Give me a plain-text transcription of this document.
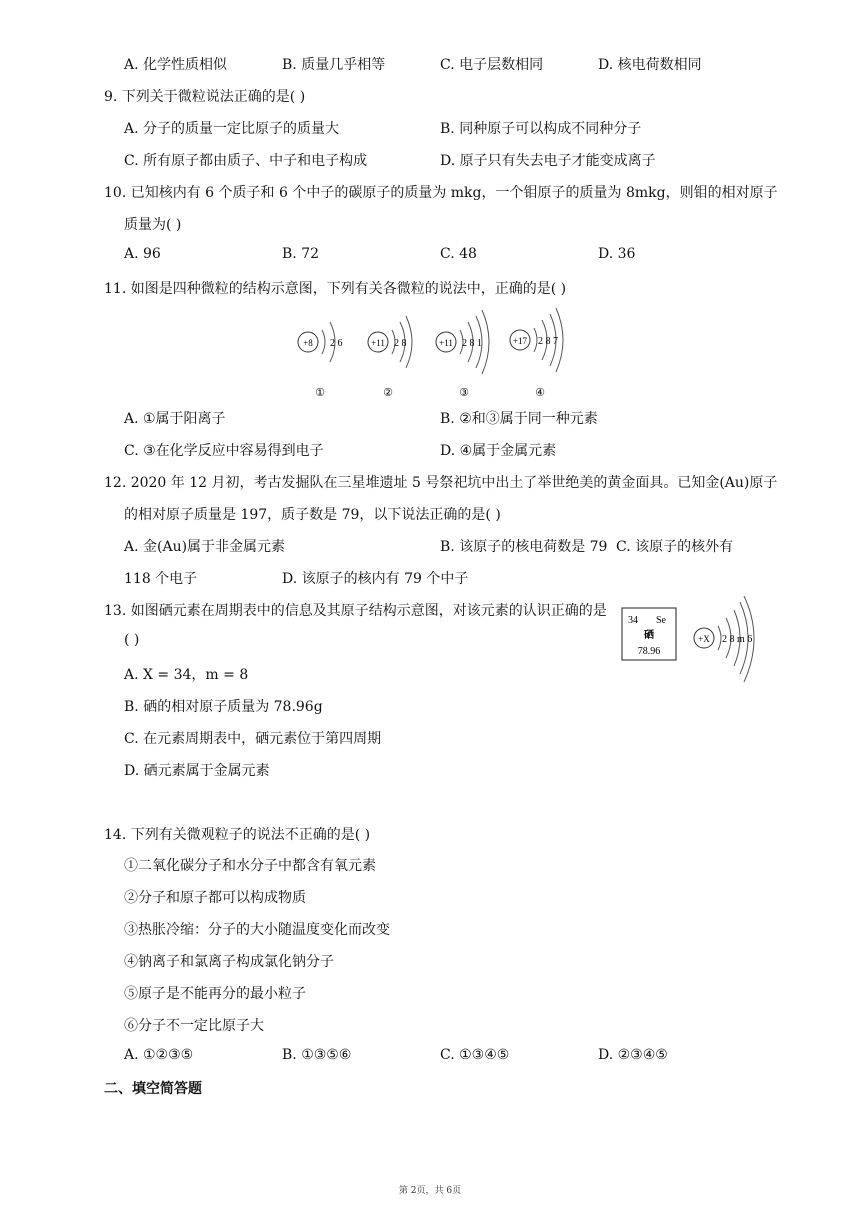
A. 化学性质相似	B. 质量几乎相等	C. 电子层数相同	D. 核电荷数相同
9. 下列关于微粒说法正确的是( )
A. 分子的质量一定比原子的质量大	B. 同种原子可以构成不同种分子
C. 所有原子都由质子、中子和电子构成	D. 原子只有失去电子才能变成离子
10. 已知核内有 6 个质子和 6 个中子的碳原子的质量为 mkg，一个钼原子的质量为 8mkg，则钼的相对原子
质量为( )
A. 96	B. 72	C. 48	D. 36
11. 如图是四种微粒的结构示意图，下列有关各微粒的说法中，正确的是( )
+8 2 6
①
+11 2 8
②
+11 2 8 1
③
+17 2 8 7
④
A. ①属于阳离子	B. ②和③属于同一种元素
C. ③在化学反应中容易得到电子	D. ④属于金属元素
12. 2020 年 12 月初，考古发掘队在三星堆遗址 5 号祭祀坑中出土了举世绝美的黄金面具。已知金(Au)原子
的相对原子质量是 197，质子数是 79，以下说法正确的是( )
A. 金(Au)属于非金属元素	B. 该原子的核电荷数是 79 C. 该原子的核外有
118 个电子	D. 该原子的核内有 79 个中子
13. 如图硒元素在周期表中的信息及其原子结构示意图，对该元素的认识正确的是
( )
34 Se
硒
78.96
+X 2 8 m 6
A. X = 34，m = 8
B. 硒的相对原子质量为 78.96g
C. 在元素周期表中，硒元素位于第四周期
D. 硒元素属于金属元素
14. 下列有关微观粒子的说法不正确的是( )
①二氧化碳分子和水分子中都含有氧元素
②分子和原子都可以构成物质
③热胀冷缩：分子的大小随温度变化而改变
④钠离子和氯离子构成氯化钠分子
⑤原子是不能再分的最小粒子
⑥分子不一定比原子大
A. ①②③⑤	B. ①③⑤⑥	C. ①③④⑤	D. ②③④⑤
二、填空简答题
第 2页，共 6页
